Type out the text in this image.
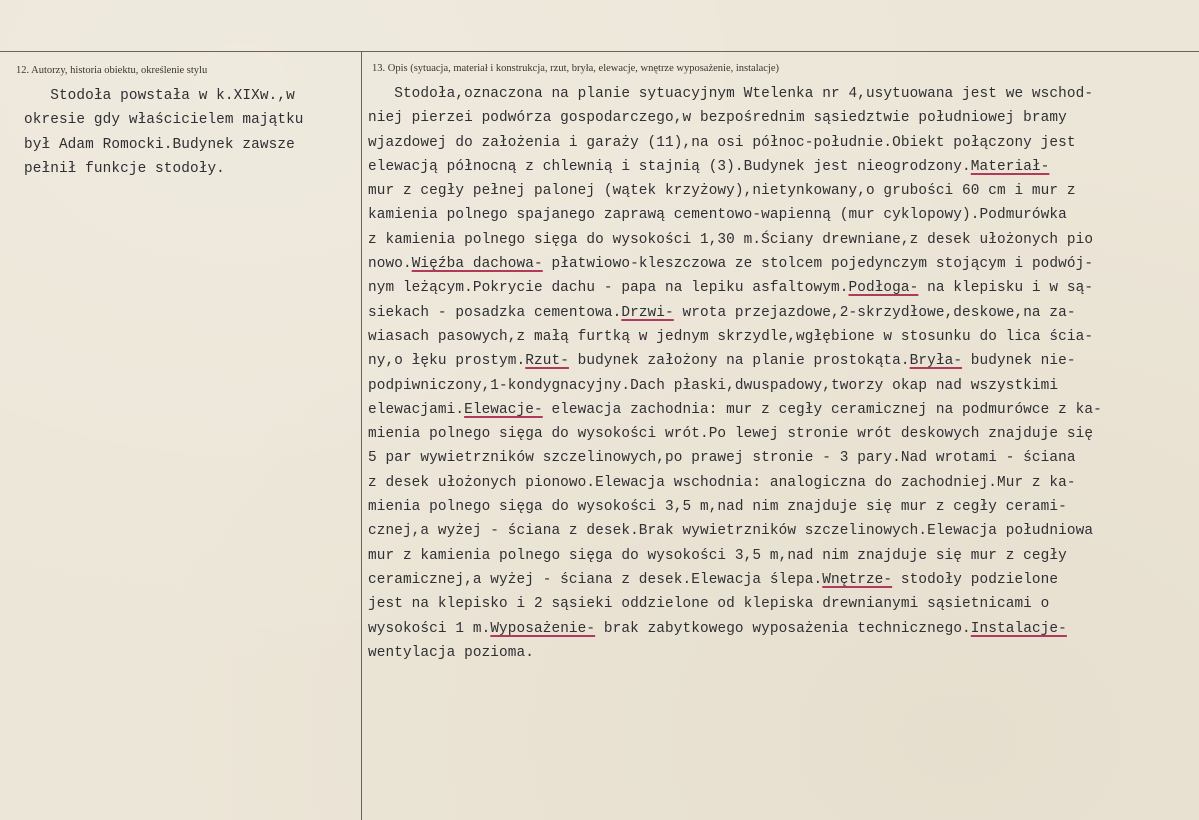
12. Autorzy, historia obiektu, określenie stylu	13. Opis (sytuacja, materiał i konstrukcja, rzut, bryła, elewacje, wnętrze wyposażenie, instalacje)
Stodoła powstała w k.XIXw.,w
okresie gdy właścicielem majątku
był Adam Romocki.Budynek zawsze
pełnił funkcje stodoły.
Stodoła,oznaczona na planie sytuacyjnym Wtelenka nr 4,usytuowana jest we wschod-
niej pierzei podwórza gospodarczego,w bezpośrednim sąsiedztwie południowej bramy
wjazdowej do założenia i garaży (11),na osi północ-południe.Obiekt połączony jest
elewacją północną z chlewnią i stajnią (3).Budynek jest nieogrodzony.Materiał-
mur z cegły pełnej palonej (wątek krzyżowy),nietynkowany,o grubości 60 cm i mur z
kamienia polnego spajanego zaprawą cementowo-wapienną (mur cyklopowy).Podmurówka
z kamienia polnego sięga do wysokości 1,30 m.Ściany drewniane,z desek ułożonych pio
nowo.Więźba dachowa- płatwiowo-kleszczowa ze stolcem pojedynczym stojącym i podwój-
nym leżącym.Pokrycie dachu - papa na lepiku asfaltowym.Podłoga- na klepisku i w są-
siekach - posadzka cementowa.Drzwi- wrota przejazdowe,2-skrzydłowe,deskowe,na za-
wiasach pasowych,z małą furtką w jednym skrzydle,wgłębione w stosunku do lica ścia-
ny,o łęku prostym.Rzut- budynek założony na planie prostokąta.Bryła- budynek nie-
podpiwniczony,1-kondygnacyjny.Dach płaski,dwuspadowy,tworzy okap nad wszystkimi
elewacjami.Elewacje- elewacja zachodnia: mur z cegły ceramicznej na podmurówce z ka-
mienia polnego sięga do wysokości wrót.Po lewej stronie wrót deskowych znajduje się
5 par wywietrzników szczelinowych,po prawej stronie - 3 pary.Nad wrotami - ściana
z desek ułożonych pionowo.Elewacja wschodnia: analogiczna do zachodniej.Mur z ka-
mienia polnego sięga do wysokości 3,5 m,nad nim znajduje się mur z cegły cerami-
cznej,a wyżej - ściana z desek.Brak wywietrzników szczelinowych.Elewacja południowa
mur z kamienia polnego sięga do wysokości 3,5 m,nad nim znajduje się mur z cegły
ceramicznej,a wyżej - ściana z desek.Elewacja ślepa.Wnętrze- stodoły podzielone
jest na klepisko i 2 sąsieki oddzielone od klepiska drewnianymi sąsietnicami o
wysokości 1 m.Wyposażenie- brak zabytkowego wyposażenia technicznego.Instalacje-
wentylacja pozioma.
